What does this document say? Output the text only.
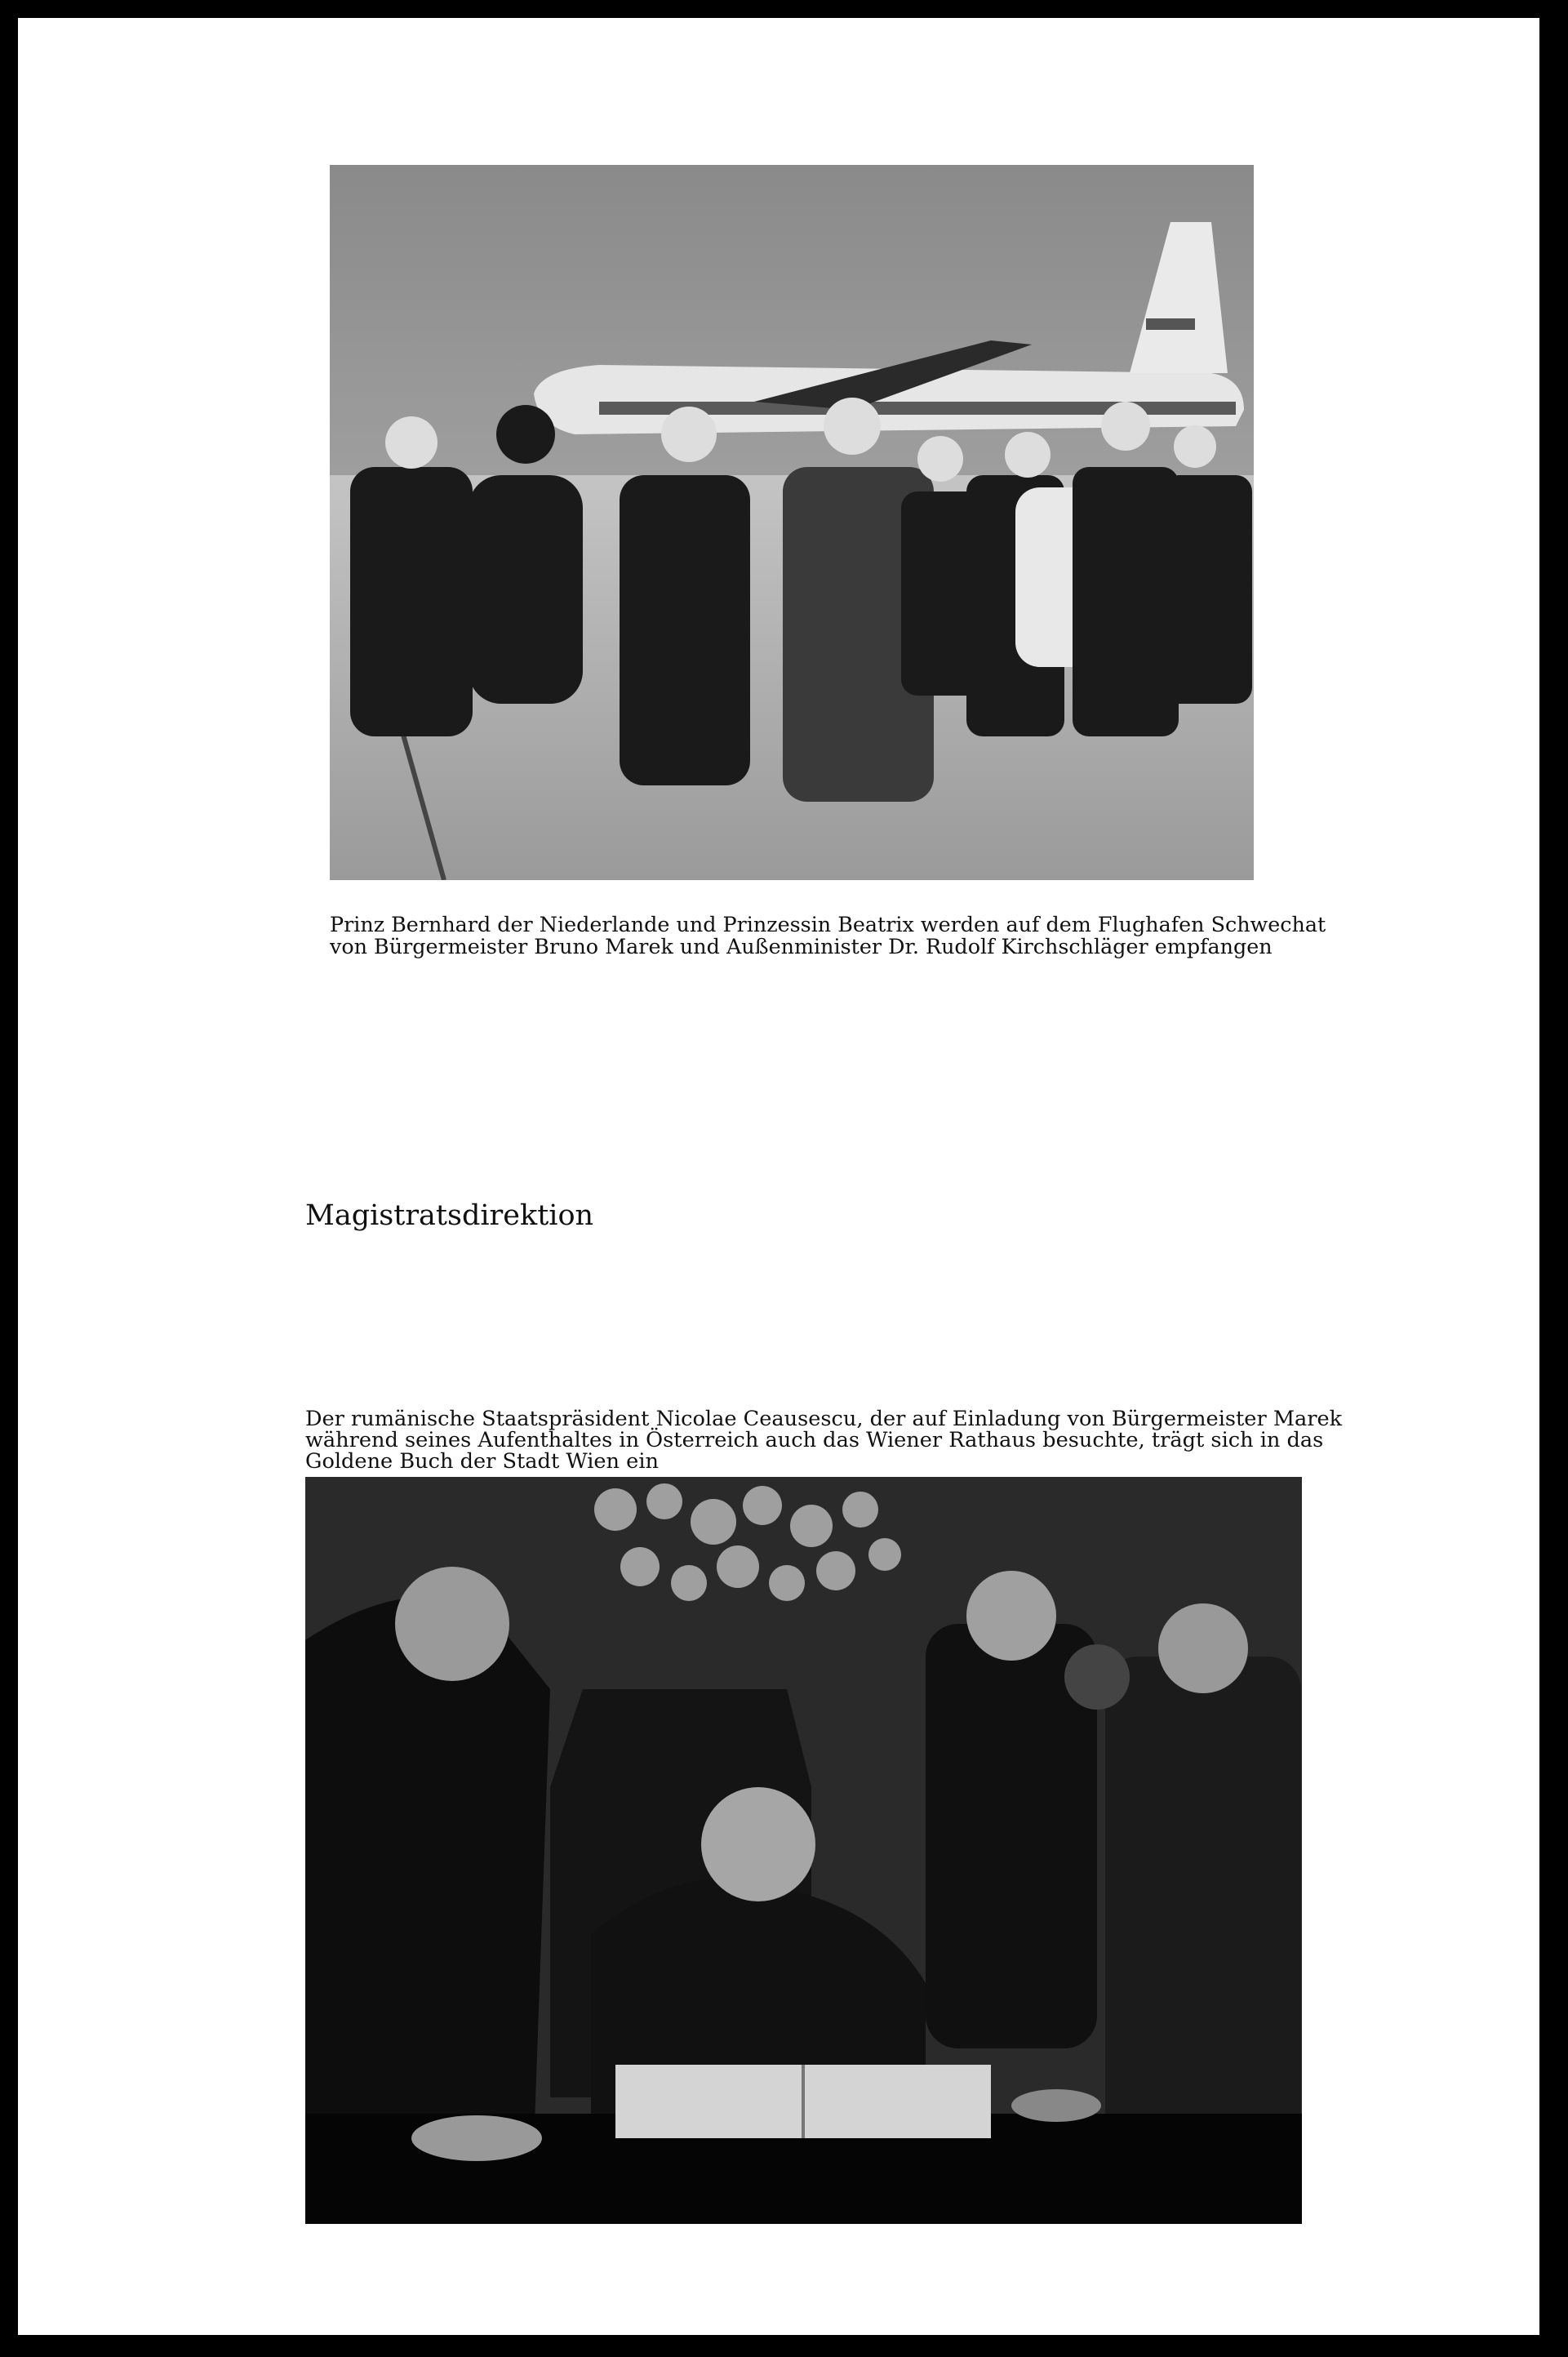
Prinz Bernhard der Niederlande und Prinzessin Beatrix werden auf dem Flughafen Schwechat
von Bürgermeister Bruno Marek und Außenminister Dr. Rudolf Kirchschläger empfangen
Magistratsdirektion
Der rumänische Staatspräsident Nicolae Ceausescu, der auf Einladung von Bürgermeister Marek
während seines Aufenthaltes in Österreich auch das Wiener Rathaus besuchte, trägt sich in das
Goldene Buch der Stadt Wien ein
